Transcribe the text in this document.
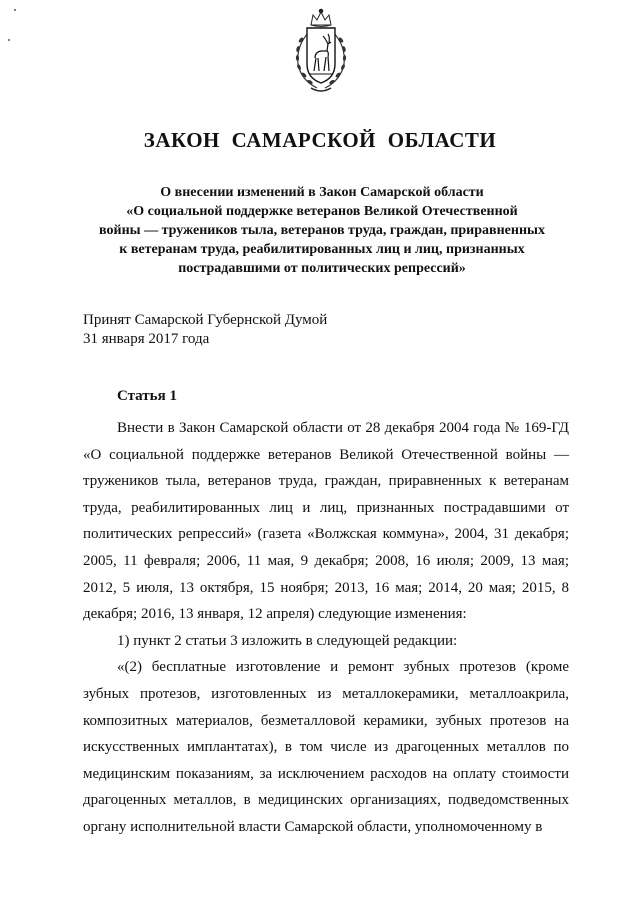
ЗАКОН САМАРСКОЙ ОБЛАСТИ
О внесении изменений в Закон Самарской области
«О социальной поддержке ветеранов Великой Отечественной
войны — тружеников тыла, ветеранов труда, граждан, приравненных
к ветеранам труда, реабилитированных лиц и лиц, признанных
пострадавшими от политических репрессий»
Принят Самарской Губернской Думой
31 января 2017 года
Статья 1

Внести в Закон Самарской области от 28 декабря 2004 года № 169-ГД «О социальной поддержке ветеранов Великой Отечественной войны — тружеников тыла, ветеранов труда, граждан, приравненных к ветеранам труда, реабилитированных лиц и лиц, признанных пострадавшими от политических репрессий» (газета «Волжская коммуна», 2004, 31 декабря; 2005, 11 февраля; 2006, 11 мая, 9 декабря; 2008, 16 июля; 2009, 13 мая; 2012, 5 июля, 13 октября, 15 ноября; 2013, 16 мая; 2014, 20 мая; 2015, 8 декабря; 2016, 13 января, 12 апреля) следующие изменения:

1) пункт 2 статьи 3 изложить в следующей редакции:

«(2) бесплатные изготовление и ремонт зубных протезов (кроме зубных протезов, изготовленных из металлокерамики, металлоакрила, композитных материалов, безметалловой керамики, зубных протезов на искусственных имплантатах), в том числе из драгоценных металлов по медицинским показаниям, за исключением расходов на оплату стоимости драгоценных металлов, в медицинских организациях, подведомственных органу исполнительной власти Самарской области, уполномоченному в
